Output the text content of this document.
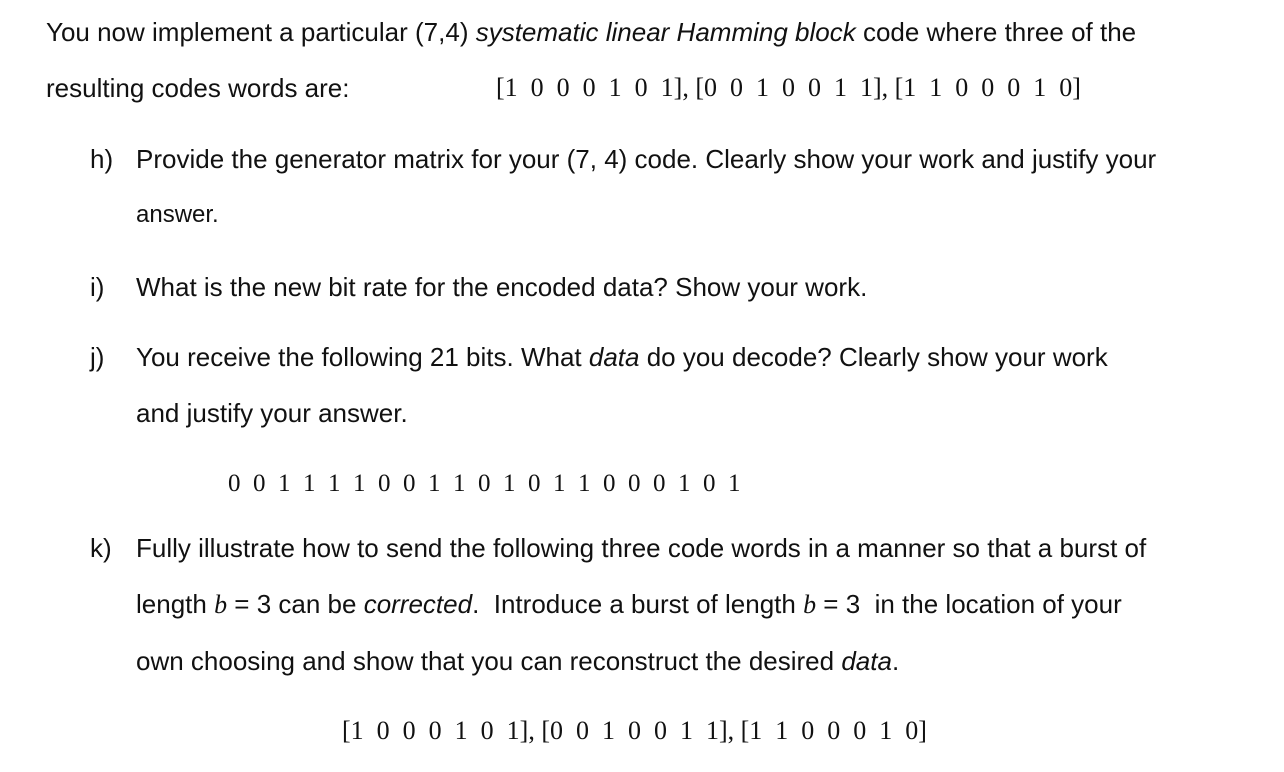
You now implement a particular (7,4) systematic linear Hamming block code where three of the
resulting codes words are:	[1  0  0  0  1  0  1], [0  0  1  0  0  1  1], [1  1  0  0  0  1  0]
h) Provide the generator matrix for your (7, 4) code. Clearly show your work and justify your
answer.
i) What is the new bit rate for the encoded data? Show your work.
j) You receive the following 21 bits. What data do you decode? Clearly show your work
and justify your answer.
0  0  1  1  1  1  0  0  1  1  0  1  0  1  1  0  0  0  1  0  1
k) Fully illustrate how to send the following three code words in a manner so that a burst of
length b = 3 can be corrected.  Introduce a burst of length b = 3  in the location of your
own choosing and show that you can reconstruct the desired data.
[1  0  0  0  1  0  1], [0  0  1  0  0  1  1], [1  1  0  0  0  1  0]
